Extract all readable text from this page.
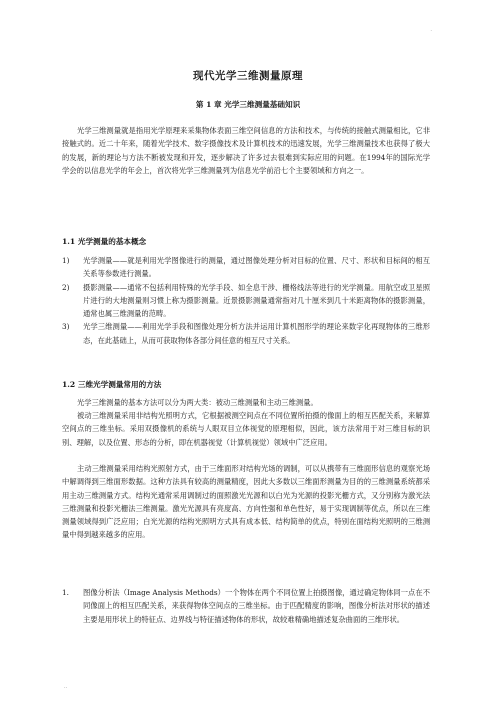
.
现代光学三维测量原理
第 1 章 光学三维测量基础知识

光学三维测量就是指用光学原理来采集物体表面三维空间信息的方法和技术，与传统的接触式测量相比，它非接触式的。近二十年来，随着光学技术、数字摄像技术及计算机技术的迅速发展，光学三维测量技术也获得了极大的发展，新的理论与方法不断被发现和开发，逐步解决了许多过去很难到实际应用的问题。在1994年的国际光学学会的以信息光学的年会上，首次将光学三维测量列为信息光学前沿七个主要领域和方向之一。

1.1 光学测量的基本概念

1) 光学测量——就是利用光学图像进行的测量，通过图像处理分析对目标的位置、尺寸、形状和目标间的相互关系等参数进行测量。
2) 摄影测量——通常不包括利用特殊的光学手段、如全息干涉、栅格线法等进行的光学测量。用航空或卫星照片进行的大地测量则习惯上称为摄影测量。近景摄影测量通常指对几十厘米到几十米距离物体的摄影测量，通常也属三维测量的范畴。
3) 光学三维测量——利用光学手段和图像处理分析方法并运用计算机图形学的理论来数字化再现物体的三维形态，在此基础上，从而可获取物体各部分间任意的相互尺寸关系。

1.2 三维光学测量常用的方法

光学三维测量的基本方法可以分为两大类：被动三维测量和主动三维测量。

被动三维测量采用非结构光照明方式，它根据被测空间点在不同位置所拍摄的像面上的相互匹配关系，来解算空间点的三维坐标。采用双摄像机的系统与人眼双目立体视觉的原理相似，因此，该方法常用于对三维目标的识别、理解，以及位置、形态的分析，即在机器视觉（计算机视觉）领域中广泛应用。

主动三维测量采用结构光照射方式，由于三维面形对结构光场的调制，可以从携带有三维面形信息的观察光场中解调得到三维面形数据。这种方法具有较高的测量精度，因此大多数以三维面形测量为目的的三维测量系统都采用主动三维测量方式。结构光通常采用调制过的面照激光光源和以白光为光源的投影光栅方式，又分别称为激光法三维测量和投影光栅法三维测量。激光光源具有亮度高、方向性强和单色性好，易于实现调制等优点，所以在三维测量领域得到广泛应用；白光光源的结构光照明方式具有成本低、结构简单的优点，特别在面结构光照明的三维测量中得到越来越多的应用。

1. 图像分析法（Image Analysis Methods）一个物体在两个不同位置上拍摄图像，通过确定物体同一点在不同像面上的相互匹配关系，来获得物体空间点的三维坐标。由于匹配精度的影响，图像分析法对形状的描述主要是用形状上的特征点、边界线与特征描述物体的形状，故较难精确地描述复杂曲面的三维形状。
..
